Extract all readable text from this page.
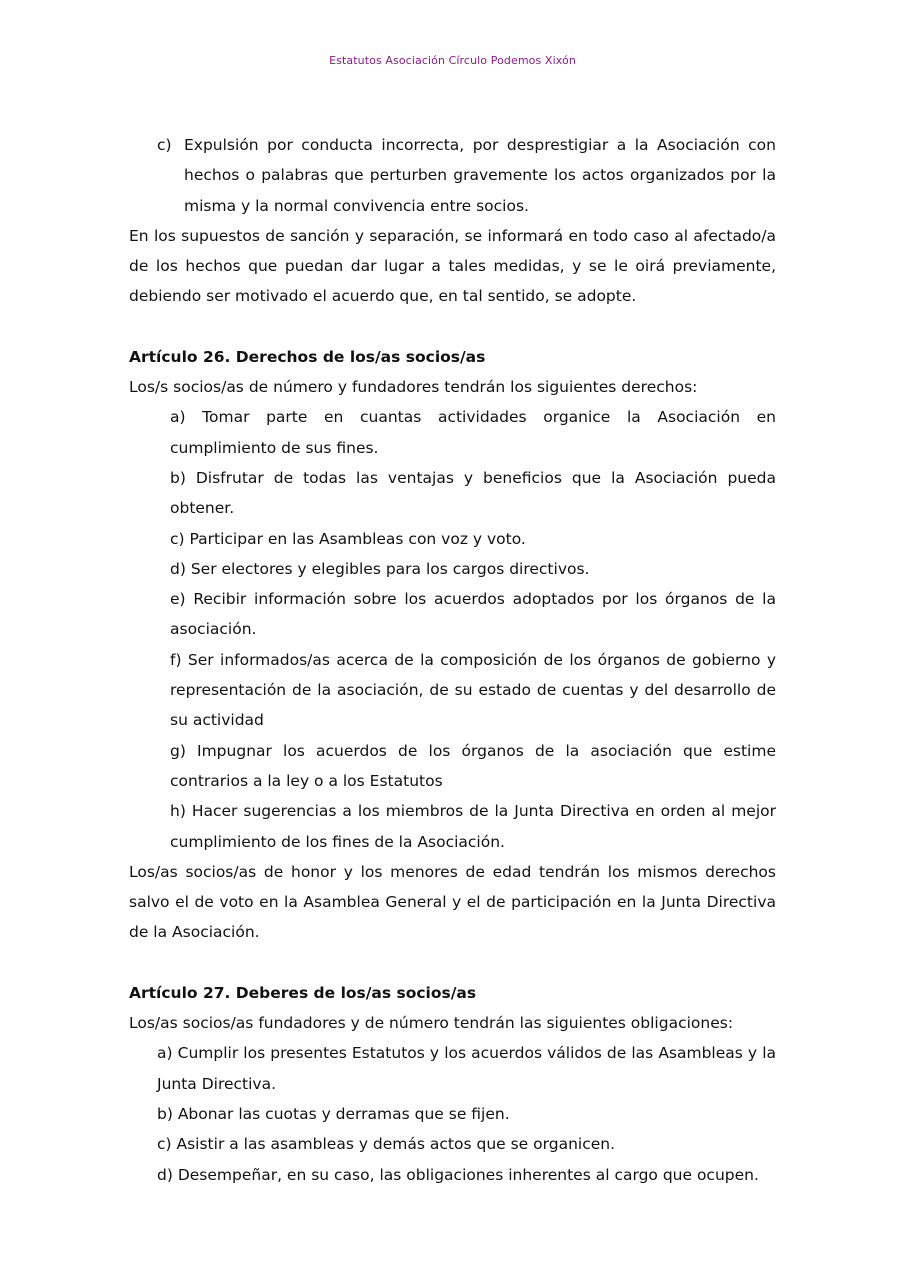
Estatutos Asociación Círculo Podemos Xixón
c) Expulsión por conducta incorrecta, por desprestigiar a la Asociación con hechos o palabras que perturben gravemente los actos organizados por la misma y la normal convivencia entre socios.

En los supuestos de sanción y separación, se informará en todo caso al afectado/a de los hechos que puedan dar lugar a tales medidas, y se le oirá previamente, debiendo ser motivado el acuerdo que, en tal sentido, se adopte.

Artículo 26. Derechos de los/as socios/as

Los/s socios/as de número y fundadores tendrán los siguientes derechos:

a) Tomar parte en cuantas actividades organice la Asociación en cumplimiento de sus fines.

b) Disfrutar de todas las ventajas y beneficios que la Asociación pueda obtener.

c) Participar en las Asambleas con voz y voto.

d) Ser electores y elegibles para los cargos directivos.

e) Recibir información sobre los acuerdos adoptados por los órganos de la asociación.

f) Ser informados/as acerca de la composición de los órganos de gobierno y representación de la asociación, de su estado de cuentas y del desarrollo de su actividad

g) Impugnar los acuerdos de los órganos de la asociación que estime contrarios a la ley o a los Estatutos

h) Hacer sugerencias a los miembros de la Junta Directiva en orden al mejor cumplimiento de los fines de la Asociación.

Los/as socios/as de honor y los menores de edad tendrán los mismos derechos salvo el de voto en la Asamblea General y el de participación en la Junta Directiva de la Asociación.

Artículo 27. Deberes de los/as socios/as

Los/as socios/as fundadores y de número tendrán las siguientes obligaciones:

a) Cumplir los presentes Estatutos y los acuerdos válidos de las Asambleas y la Junta Directiva.

b) Abonar las cuotas y derramas que se fijen.

c) Asistir a las asambleas y demás actos que se organicen.

d) Desempeñar, en su caso, las obligaciones inherentes al cargo que ocupen.
